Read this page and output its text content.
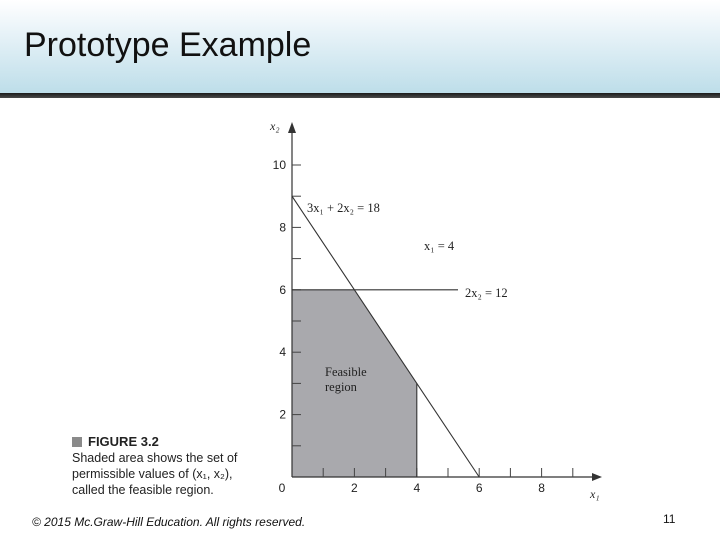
Prototype Example
2
4
6
8
10
0	2	4	6	8
x₂
x₁
3x₁ + 2x₂ = 18
x₁ = 4
2x₂ = 12
Feasible
region
FIGURE 3.2
Shaded area shows the set of
permissible values of (x₁, x₂),
called the feasible region.
© 2015 Mc.Graw-Hill Education. All rights reserved.	11
